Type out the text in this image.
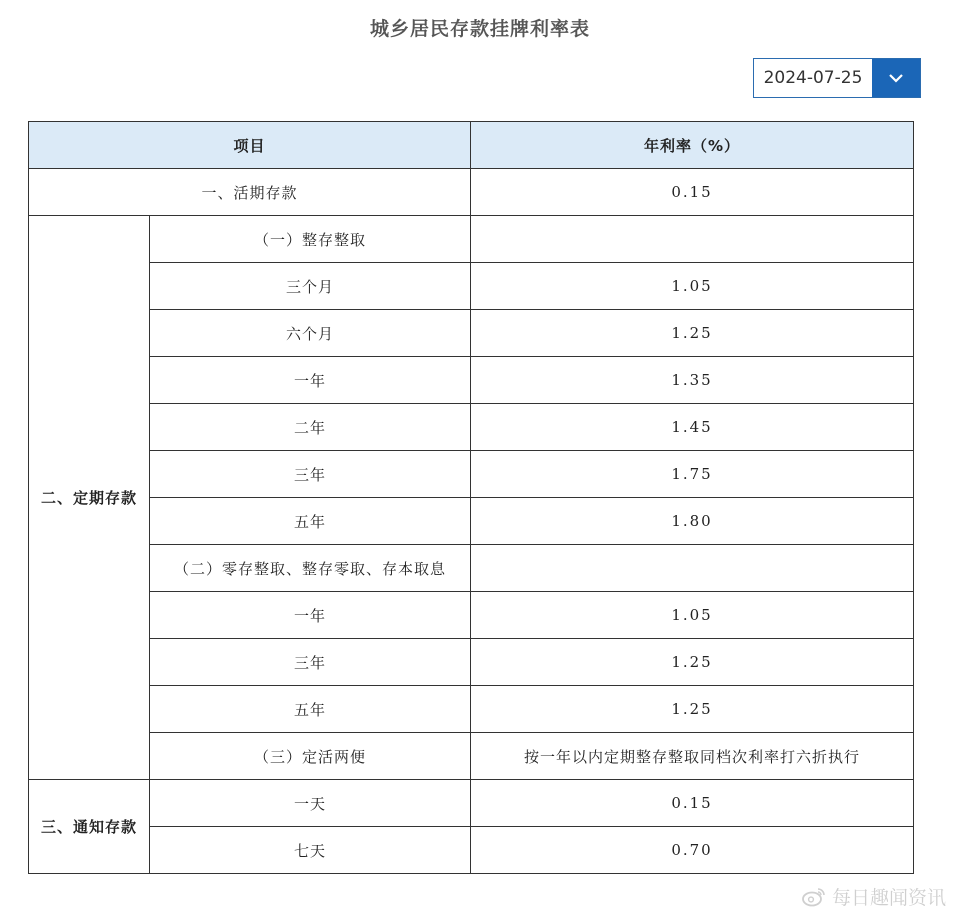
城乡居民存款挂牌利率表
2024-07-25
项目		年利率（%）
一、活期存款		0.15

二、定期存款	（一）整存整取	
	三个月	1.05
	六个月	1.25
	一年	1.35
	二年	1.45
	三年	1.75
	五年	1.80
	（二）零存整取、整存零取、存本取息	
	一年	1.05
	三年	1.25
	五年	1.25
	（三）定活两便	按一年以内定期整存整取同档次利率打六折执行

三、通知存款	一天	0.15
	七天	0.70
每日趣闻资讯
